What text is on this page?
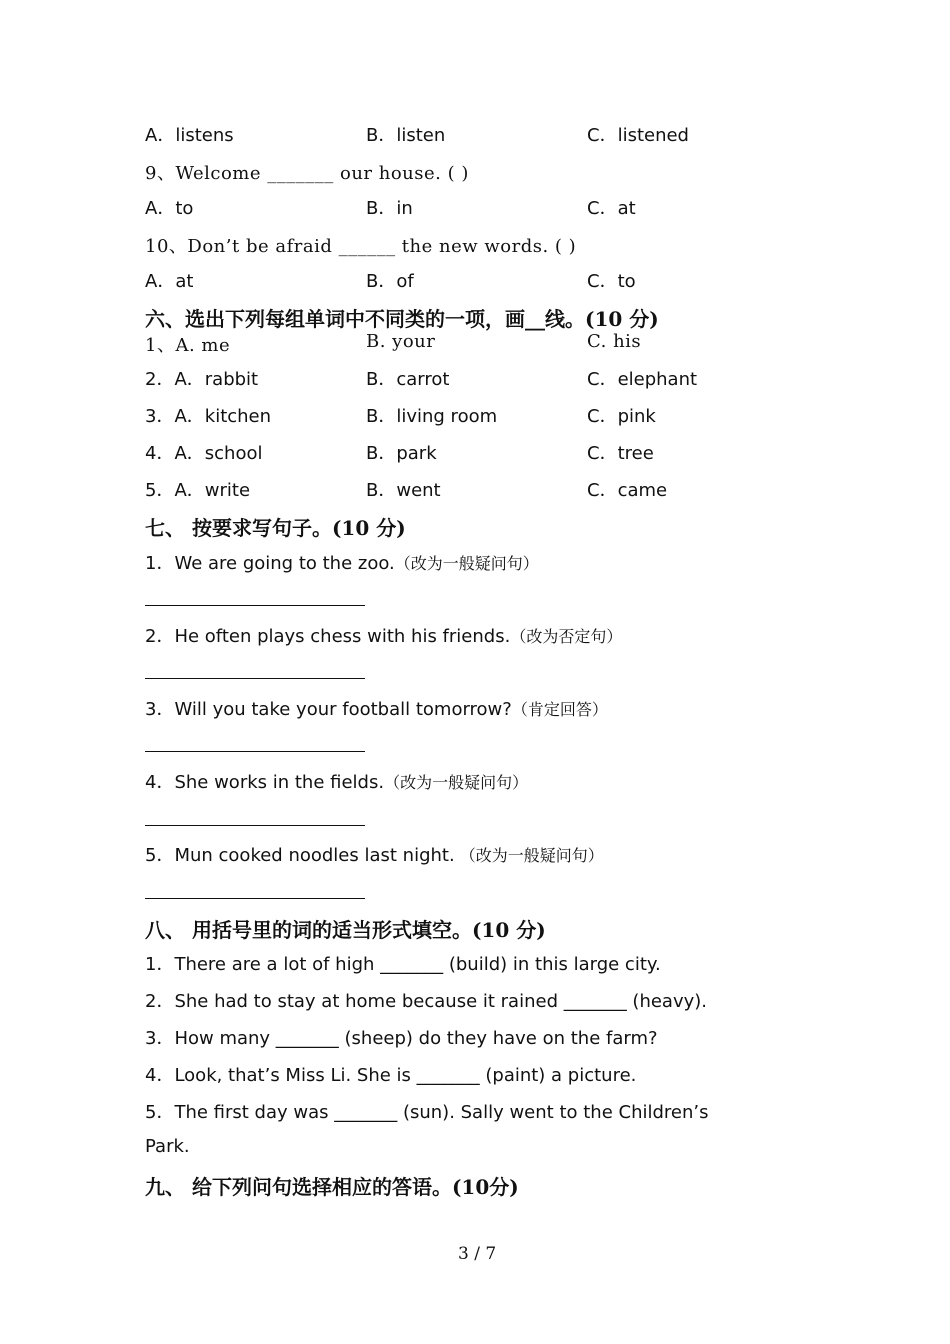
A．listens	B．listen	C．listened
9、Welcome _______ our house. ( )
A．to	B．in	C．at
10、Don’t be afraid ______ the new words. ( )
A．at	B．of	C．to
六、选出下列每组单词中不同类的一项，画__线。(10 分)
1、A. me	B. your	C. his
2．A．rabbit	B．carrot	C．elephant
3．A．kitchen	B．living room	C．pink
4．A．school	B．park	C．tree
5．A．write	B．went	C．came
七、 按要求写句子。(10 分)
1．We are going to the zoo.（改为一般疑问句）
2．He often plays chess with his friends.（改为否定句）
3．Will you take your football tomorrow?（肯定回答）
4．She works in the fields.（改为一般疑问句）
5．Mun cooked noodles last night. （改为一般疑问句）
八、 用括号里的词的适当形式填空。(10 分)
1．There are a lot of high _______ (build) in this large city.
2．She had to stay at home because it rained _______ (heavy).
3．How many _______ (sheep) do they have on the farm?
4．Look, that’s Miss Li. She is _______ (paint) a picture.
5．The first day was _______ (sun). Sally went to the Children’s
Park.
九、 给下列问句选择相应的答语。(10分)
3 / 7
